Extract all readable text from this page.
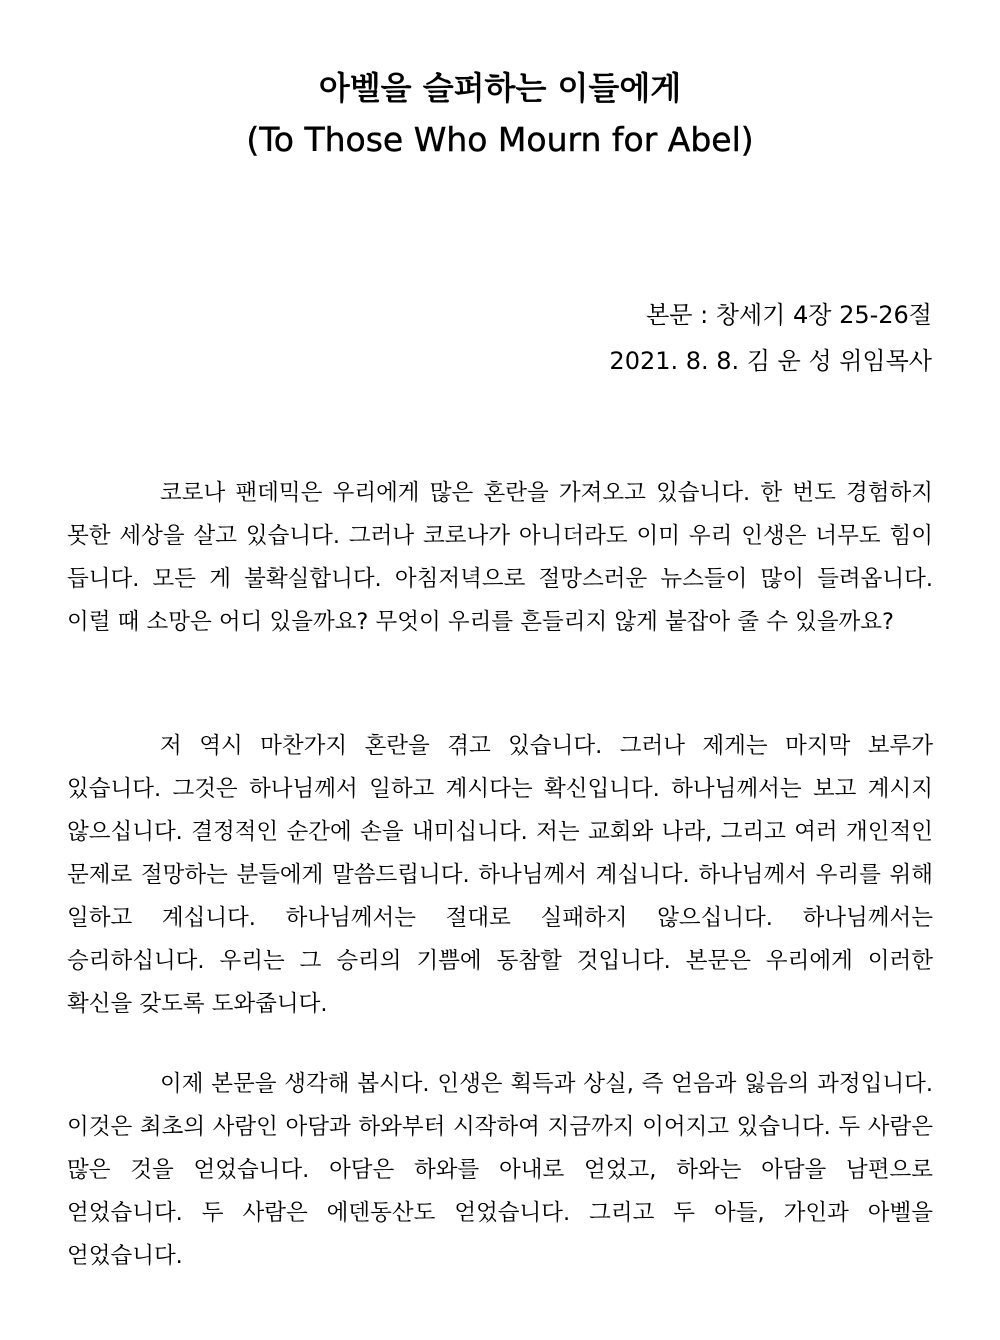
아벨을 슬퍼하는 이들에게

(To Those Who Mourn for Abel)

본문 : 창세기 4장 25-26절

2021. 8. 8. 김 운 성 위임목사

코로나 팬데믹은 우리에게 많은 혼란을 가져오고 있습니다. 한 번도 경험하지 못한 세상을 살고 있습니다. 그러나 코로나가 아니더라도 이미 우리 인생은 너무도 힘이 듭니다. 모든 게 불확실합니다. 아침저녁으로 절망스러운 뉴스들이 많이 들려옵니다. 이럴 때 소망은 어디 있을까요? 무엇이 우리를 흔들리지 않게 붙잡아 줄 수 있을까요?

저 역시 마찬가지 혼란을 겪고 있습니다. 그러나 제게는 마지막 보루가 있습니다. 그것은 하나님께서 일하고 계시다는 확신입니다. 하나님께서는 보고 계시지 않으십니다. 결정적인 순간에 손을 내미십니다. 저는 교회와 나라, 그리고 여러 개인적인 문제로 절망하는 분들에게 말씀드립니다. 하나님께서 계십니다. 하나님께서 우리를 위해 일하고 계십니다. 하나님께서는 절대로 실패하지 않으십니다. 하나님께서는 승리하십니다. 우리는 그 승리의 기쁨에 동참할 것입니다. 본문은 우리에게 이러한 확신을 갖도록 도와줍니다.

이제 본문을 생각해 봅시다. 인생은 획득과 상실, 즉 얻음과 잃음의 과정입니다. 이것은 최초의 사람인 아담과 하와부터 시작하여 지금까지 이어지고 있습니다. 두 사람은 많은 것을 얻었습니다. 아담은 하와를 아내로 얻었고, 하와는 아담을 남편으로 얻었습니다. 두 사람은 에덴동산도 얻었습니다. 그리고 두 아들, 가인과 아벨을 얻었습니다.
